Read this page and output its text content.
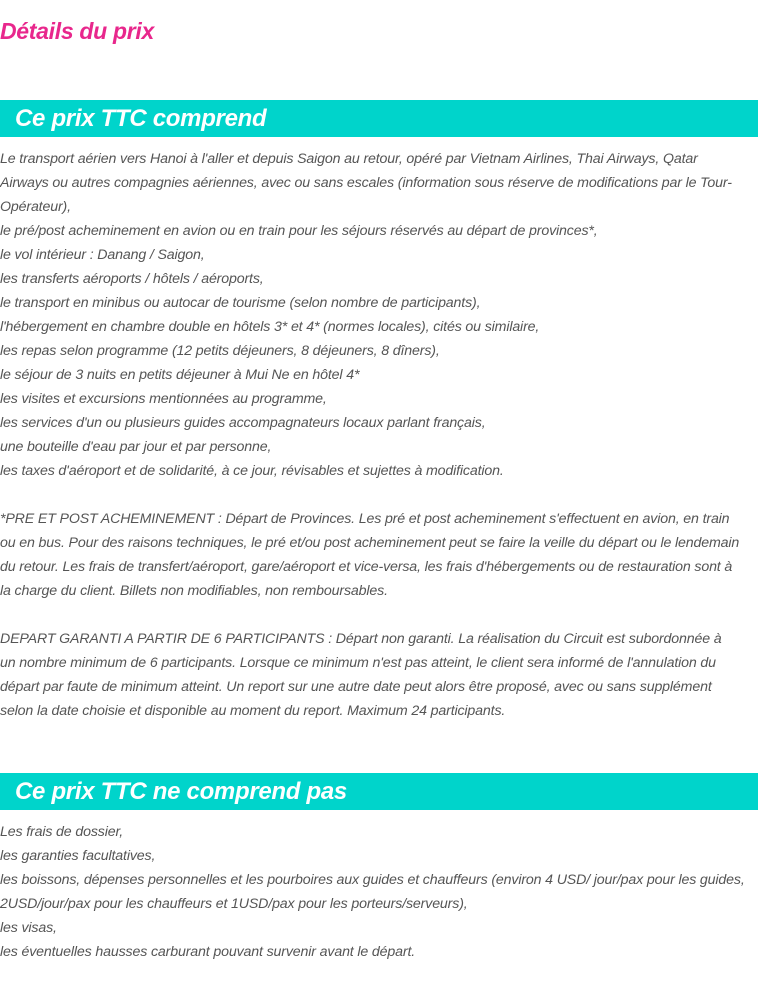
Détails du prix
Ce prix TTC comprend
Le transport aérien vers Hanoi à l'aller et depuis Saigon au retour, opéré par Vietnam Airlines, Thai Airways, Qatar
Airways ou autres compagnies aériennes, avec ou sans escales (information sous réserve de modifications par le Tour-
Opérateur),
le pré/post acheminement en avion ou en train pour les séjours réservés au départ de provinces*,
le vol intérieur : Danang / Saigon,
les transferts aéroports / hôtels / aéroports,
le transport en minibus ou autocar de tourisme (selon nombre de participants),
l'hébergement en chambre double en hôtels 3* et 4* (normes locales), cités ou similaire,
les repas selon programme (12 petits déjeuners, 8 déjeuners, 8 dîners),
le séjour de 3 nuits en petits déjeuner à Mui Ne en hôtel 4*
les visites et excursions mentionnées au programme,
les services d'un ou plusieurs guides accompagnateurs locaux parlant français,
une bouteille d'eau par jour et par personne,
les taxes d'aéroport et de solidarité, à ce jour, révisables et sujettes à modification.
*PRE ET POST ACHEMINEMENT : Départ de Provinces. Les pré et post acheminement s'effectuent en avion, en train
ou en bus. Pour des raisons techniques, le pré et/ou post acheminement peut se faire la veille du départ ou le lendemain
du retour. Les frais de transfert/aéroport, gare/aéroport et vice-versa, les frais d'hébergements ou de restauration sont à
la charge du client. Billets non modifiables, non remboursables.
DEPART GARANTI A PARTIR DE 6 PARTICIPANTS : Départ non garanti. La réalisation du Circuit est subordonnée à
un nombre minimum de 6 participants. Lorsque ce minimum n'est pas atteint, le client sera informé de l'annulation du
départ par faute de minimum atteint. Un report sur une autre date peut alors être proposé, avec ou sans supplément
selon la date choisie et disponible au moment du report. Maximum 24 participants.
Ce prix TTC ne comprend pas
Les frais de dossier,
les garanties facultatives,
les boissons, dépenses personnelles et les pourboires aux guides et chauffeurs (environ 4 USD/ jour/pax pour les guides,
2USD/jour/pax pour les chauffeurs et 1USD/pax pour les porteurs/serveurs),
les visas,
les éventuelles hausses carburant pouvant survenir avant le départ.
